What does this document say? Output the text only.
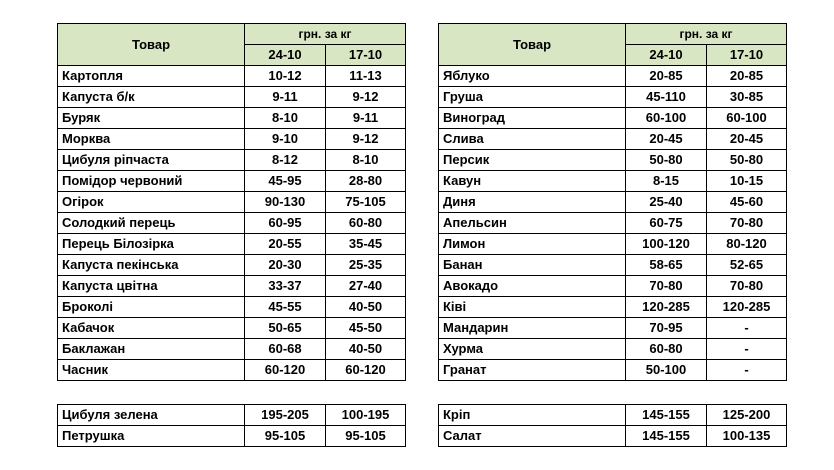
Товар	грн. за кг	
	24-10	17-10
Картопля	10-12	11-13
Капуста б/к	9-11	9-12
Буряк	8-10	9-11
Морква	9-10	9-12
Цибуля ріпчаста	8-12	8-10
Помідор червоний	45-95	28-80
Огірок	90-130	75-105
Солодкий перець	60-95	60-80
Перець Білозірка	20-55	35-45
Капуста пекінська	20-30	25-35
Капуста цвітна	33-37	27-40
Броколі	45-55	40-50
Кабачок	50-65	45-50
Баклажан	60-68	40-50
Часник	60-120	60-120
Товар	грн. за кг	
	24-10	17-10
Яблуко	20-85	20-85
Груша	45-110	30-85
Виноград	60-100	60-100
Слива	20-45	20-45
Персик	50-80	50-80
Кавун	8-15	10-15
Диня	25-40	45-60
Апельсин	60-75	70-80
Лимон	100-120	80-120
Банан	58-65	52-65
Авокадо	70-80	70-80
Ківі	120-285	120-285
Мандарин	70-95	-
Хурма	60-80	-
Гранат	50-100	-
Цибуля зелена	195-205	100-195
Петрушка	95-105	95-105
Кріп	145-155	125-200
Салат	145-155	100-135
